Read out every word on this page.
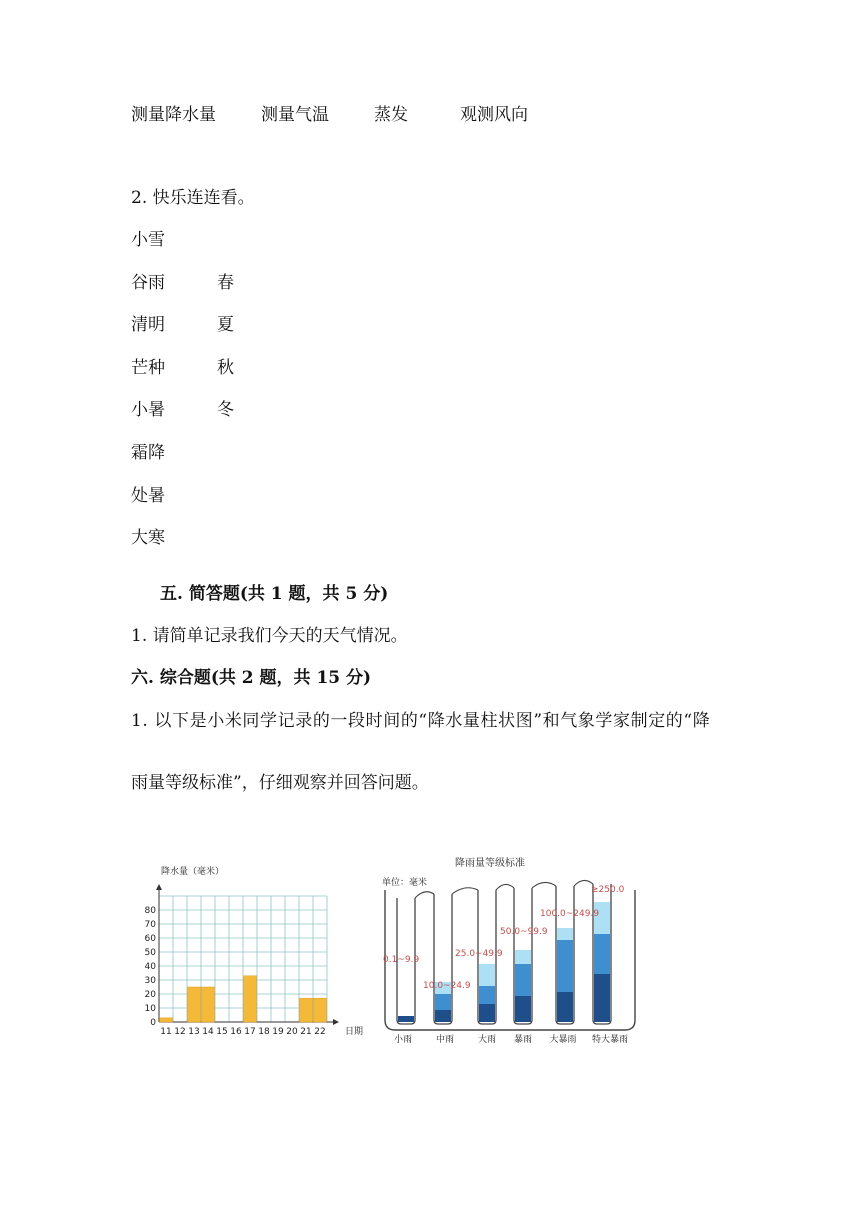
测量降水量	测量气温	蒸发	观测风向
2. 快乐连连看。
小雪
谷雨
清明
芒种
小暑
霜降
处暑
大寒
春
夏
秋
冬
五. 简答题(共 1 题，共 5 分)
1. 请简单记录我们今天的天气情况。
六. 综合题(共 2 题，共 15 分)
1. 以下是小米同学记录的一段时间的“降水量柱状图”和气象学家制定的“降
雨量等级标准”，仔细观察并回答问题。
0
10
20
30
40
50
60
70
80
11 12 13 14 15 16 17 18 19 20 21 22 日期
降水量（毫米）
降雨量等级标准
单位：毫米
0.1~9.9
10.0~24.9
25.0~49.9
50.0~99.9
100.0~249.9
≥250.0
小雨	中雨	大雨 暴雨 大暴雨 特大暴雨
